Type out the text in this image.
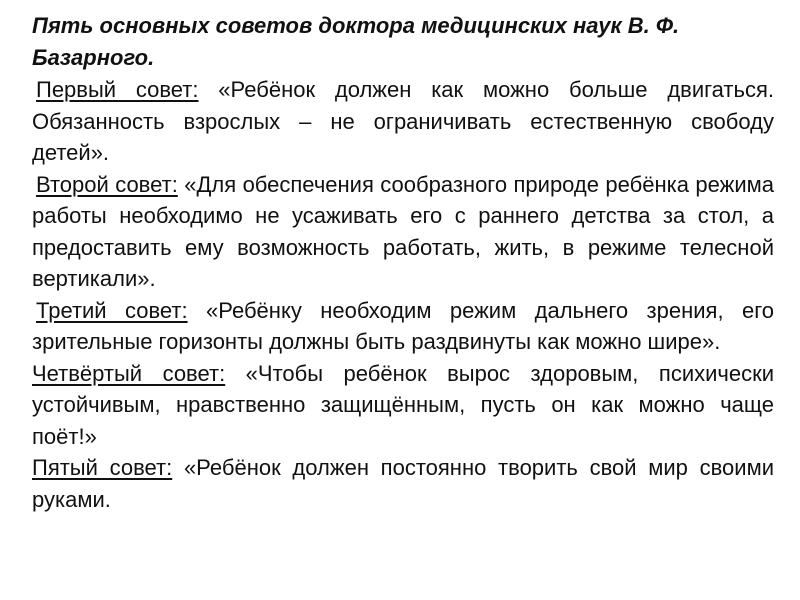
Пять основных советов доктора медицинских наук В. Ф. Базарного.

Первый совет: «Ребёнок должен как можно больше двигаться. Обязанность взрослых – не ограничивать естественную свободу детей».

Второй совет: «Для обеспечения сообразного природе ребёнка режима работы необходимо не усаживать его с раннего детства за стол, а предоставить ему возможность работать, жить, в режиме телесной вертикали».

Третий совет: «Ребёнку необходим режим дальнего зрения, его зрительные горизонты должны быть раздвинуты как можно шире».

Четвёртый совет: «Чтобы ребёнок вырос здоровым, психически устойчивым, нравственно защищённым, пусть он как можно чаще поёт!»

Пятый совет: «Ребёнок должен постоянно творить свой мир своими руками.
